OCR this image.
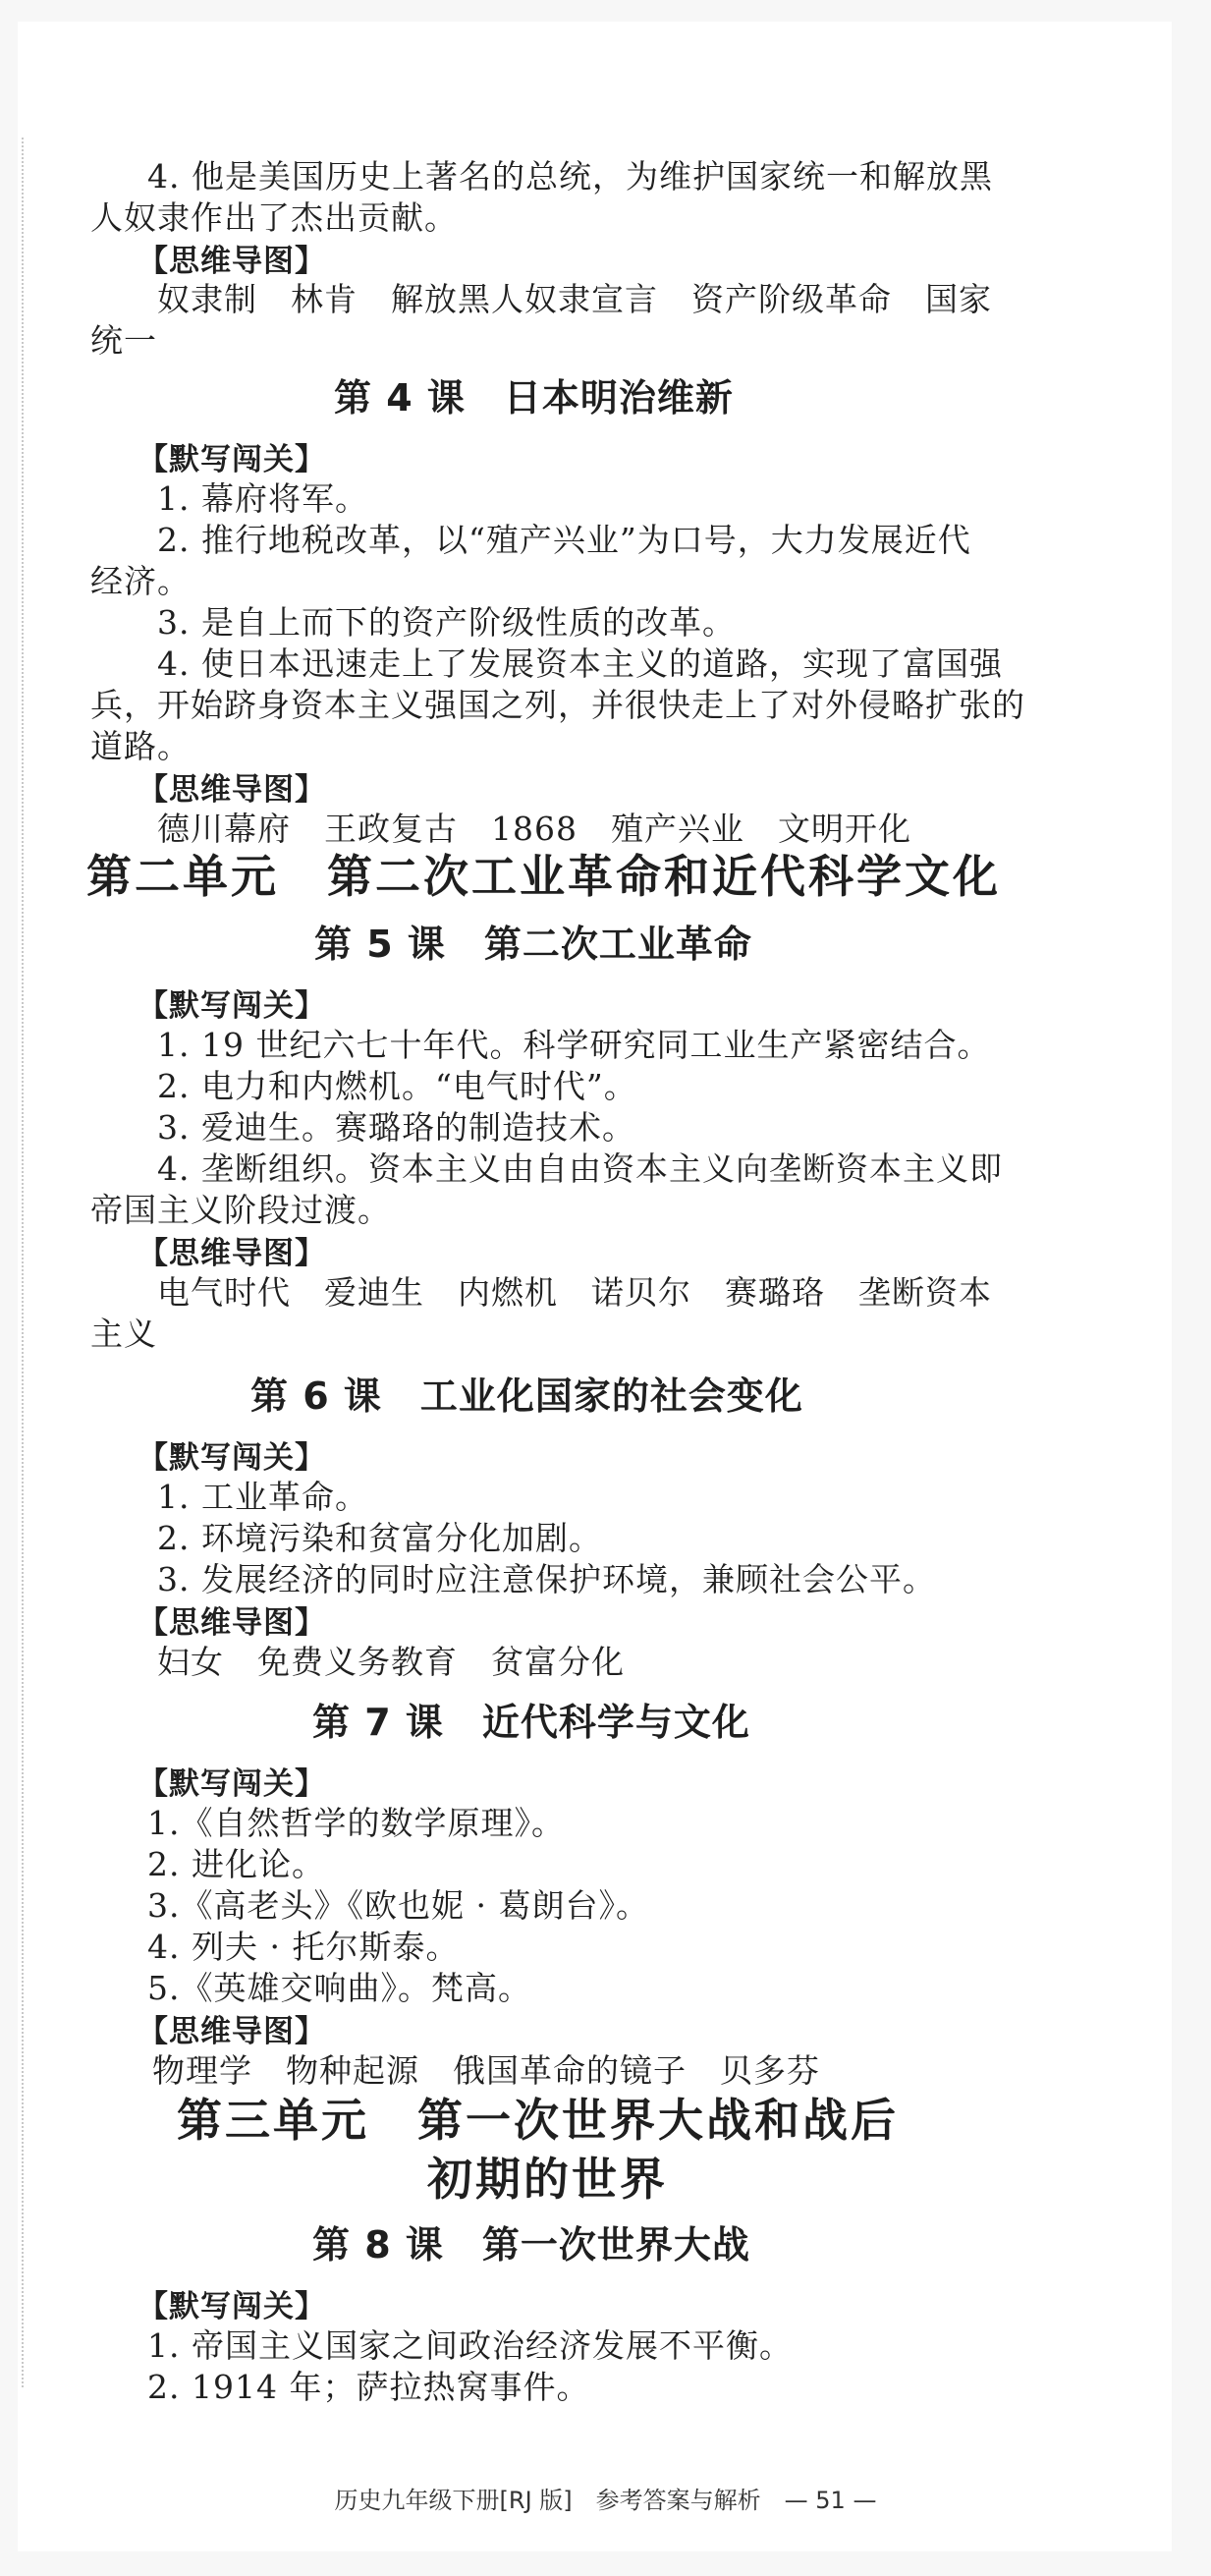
4. 他是美国历史上著名的总统，为维护国家统一和解放黑
人奴隶作出了杰出贡献。
【思维导图】
奴隶制　林肯　解放黑人奴隶宣言　资产阶级革命　国家
统一
第 4 课　日本明治维新
【默写闯关】
1. 幕府将军。
2. 推行地税改革，以“殖产兴业”为口号，大力发展近代
经济。
3. 是自上而下的资产阶级性质的改革。
4. 使日本迅速走上了发展资本主义的道路，实现了富国强
兵，开始跻身资本主义强国之列，并很快走上了对外侵略扩张的
道路。
【思维导图】
德川幕府　王政复古　1868　殖产兴业　文明开化
第二单元　第二次工业革命和近代科学文化
第 5 课　第二次工业革命
【默写闯关】
1. 19 世纪六七十年代。科学研究同工业生产紧密结合。
2. 电力和内燃机。“电气时代”。
3. 爱迪生。赛璐珞的制造技术。
4. 垄断组织。资本主义由自由资本主义向垄断资本主义即
帝国主义阶段过渡。
【思维导图】
电气时代　爱迪生　内燃机　诺贝尔　赛璐珞　垄断资本
主义
第 6 课　工业化国家的社会变化
【默写闯关】
1. 工业革命。
2. 环境污染和贫富分化加剧。
3. 发展经济的同时应注意保护环境，兼顾社会公平。
【思维导图】
妇女　免费义务教育　贫富分化
第 7 课　近代科学与文化
【默写闯关】
1.《自然哲学的数学原理》。
2. 进化论。
3.《高老头》《欧也妮 · 葛朗台》。
4. 列夫 · 托尔斯泰。
5.《英雄交响曲》。梵高。
【思维导图】
物理学　物种起源　俄国革命的镜子　贝多芬
第三单元　第一次世界大战和战后
初期的世界
第 8 课　第一次世界大战
【默写闯关】
1. 帝国主义国家之间政治经济发展不平衡。
2. 1914 年；萨拉热窝事件。
历史九年级下册[RJ 版]　参考答案与解析　— 51 —
